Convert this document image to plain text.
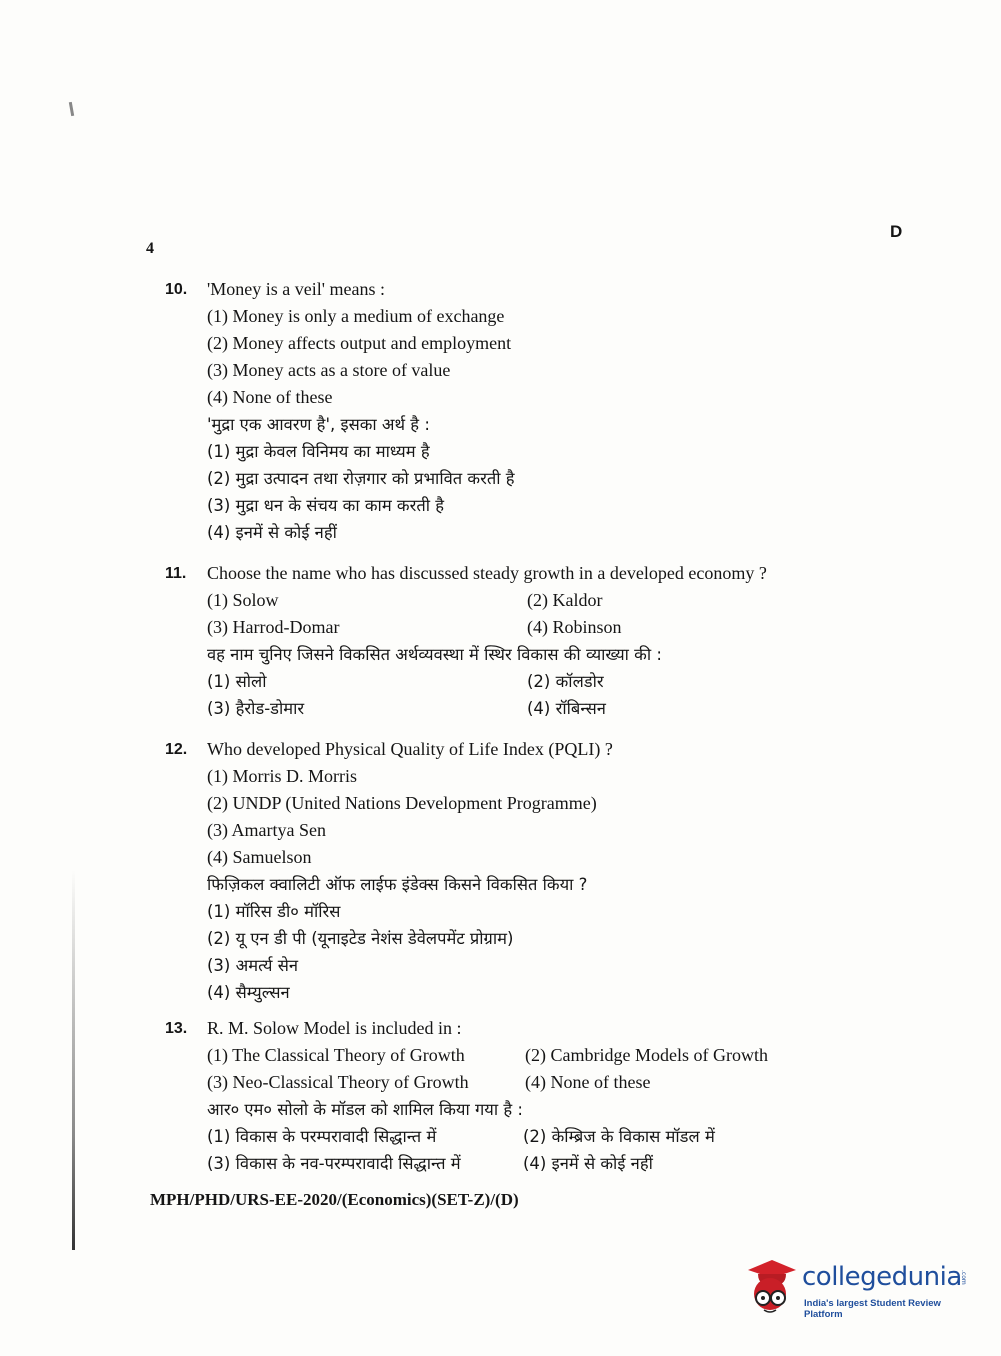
4
D
10. 'Money is a veil' means :
(1) Money is only a medium of exchange
(2) Money affects output and employment
(3) Money acts as a store of value
(4) None of these
'मुद्रा एक आवरण है', इसका अर्थ है :
(1) मुद्रा केवल विनिमय का माध्यम है
(2) मुद्रा उत्पादन तथा रोज़गार को प्रभावित करती है
(3) मुद्रा धन के संचय का काम करती है
(4) इनमें से कोई नहीं
11. Choose the name who has discussed steady growth in a developed economy ?
(1) Solow	(2) Kaldor
(3) Harrod-Domar	(4) Robinson
वह नाम चुनिए जिसने विकसित अर्थव्यवस्था में स्थिर विकास की व्याख्या की :
(1) सोलो	(2) कॉलडोर
(3) हैरोड-डोमार	(4) रॉबिन्सन
12. Who developed Physical Quality of Life Index (PQLI) ?
(1) Morris D. Morris
(2) UNDP (United Nations Development Programme)
(3) Amartya Sen
(4) Samuelson
फिज़िकल क्वालिटी ऑफ लाईफ इंडेक्स किसने विकसित किया ?
(1) मॉरिस डी० मॉरिस
(2) यू एन डी पी (यूनाइटेड नेशंस डेवेलपमेंट प्रोग्राम)
(3) अमर्त्य सेन
(4) सैम्युल्सन
13. R. M. Solow Model is included in :
(1) The Classical Theory of Growth	(2) Cambridge Models of Growth
(3) Neo-Classical Theory of Growth	(4) None of these
आर० एम० सोलो के मॉडल को शामिल किया गया है :
(1) विकास के परम्परावादी सिद्धान्त में	(2) केम्ब्रिज के विकास मॉडल में
(3) विकास के नव-परम्परावादी सिद्धान्त में	(4) इनमें से कोई नहीं
MPH/PHD/URS-EE-2020/(Economics)(SET-Z)/(D)
collegedunia
.com
India's largest Student Review Platform
